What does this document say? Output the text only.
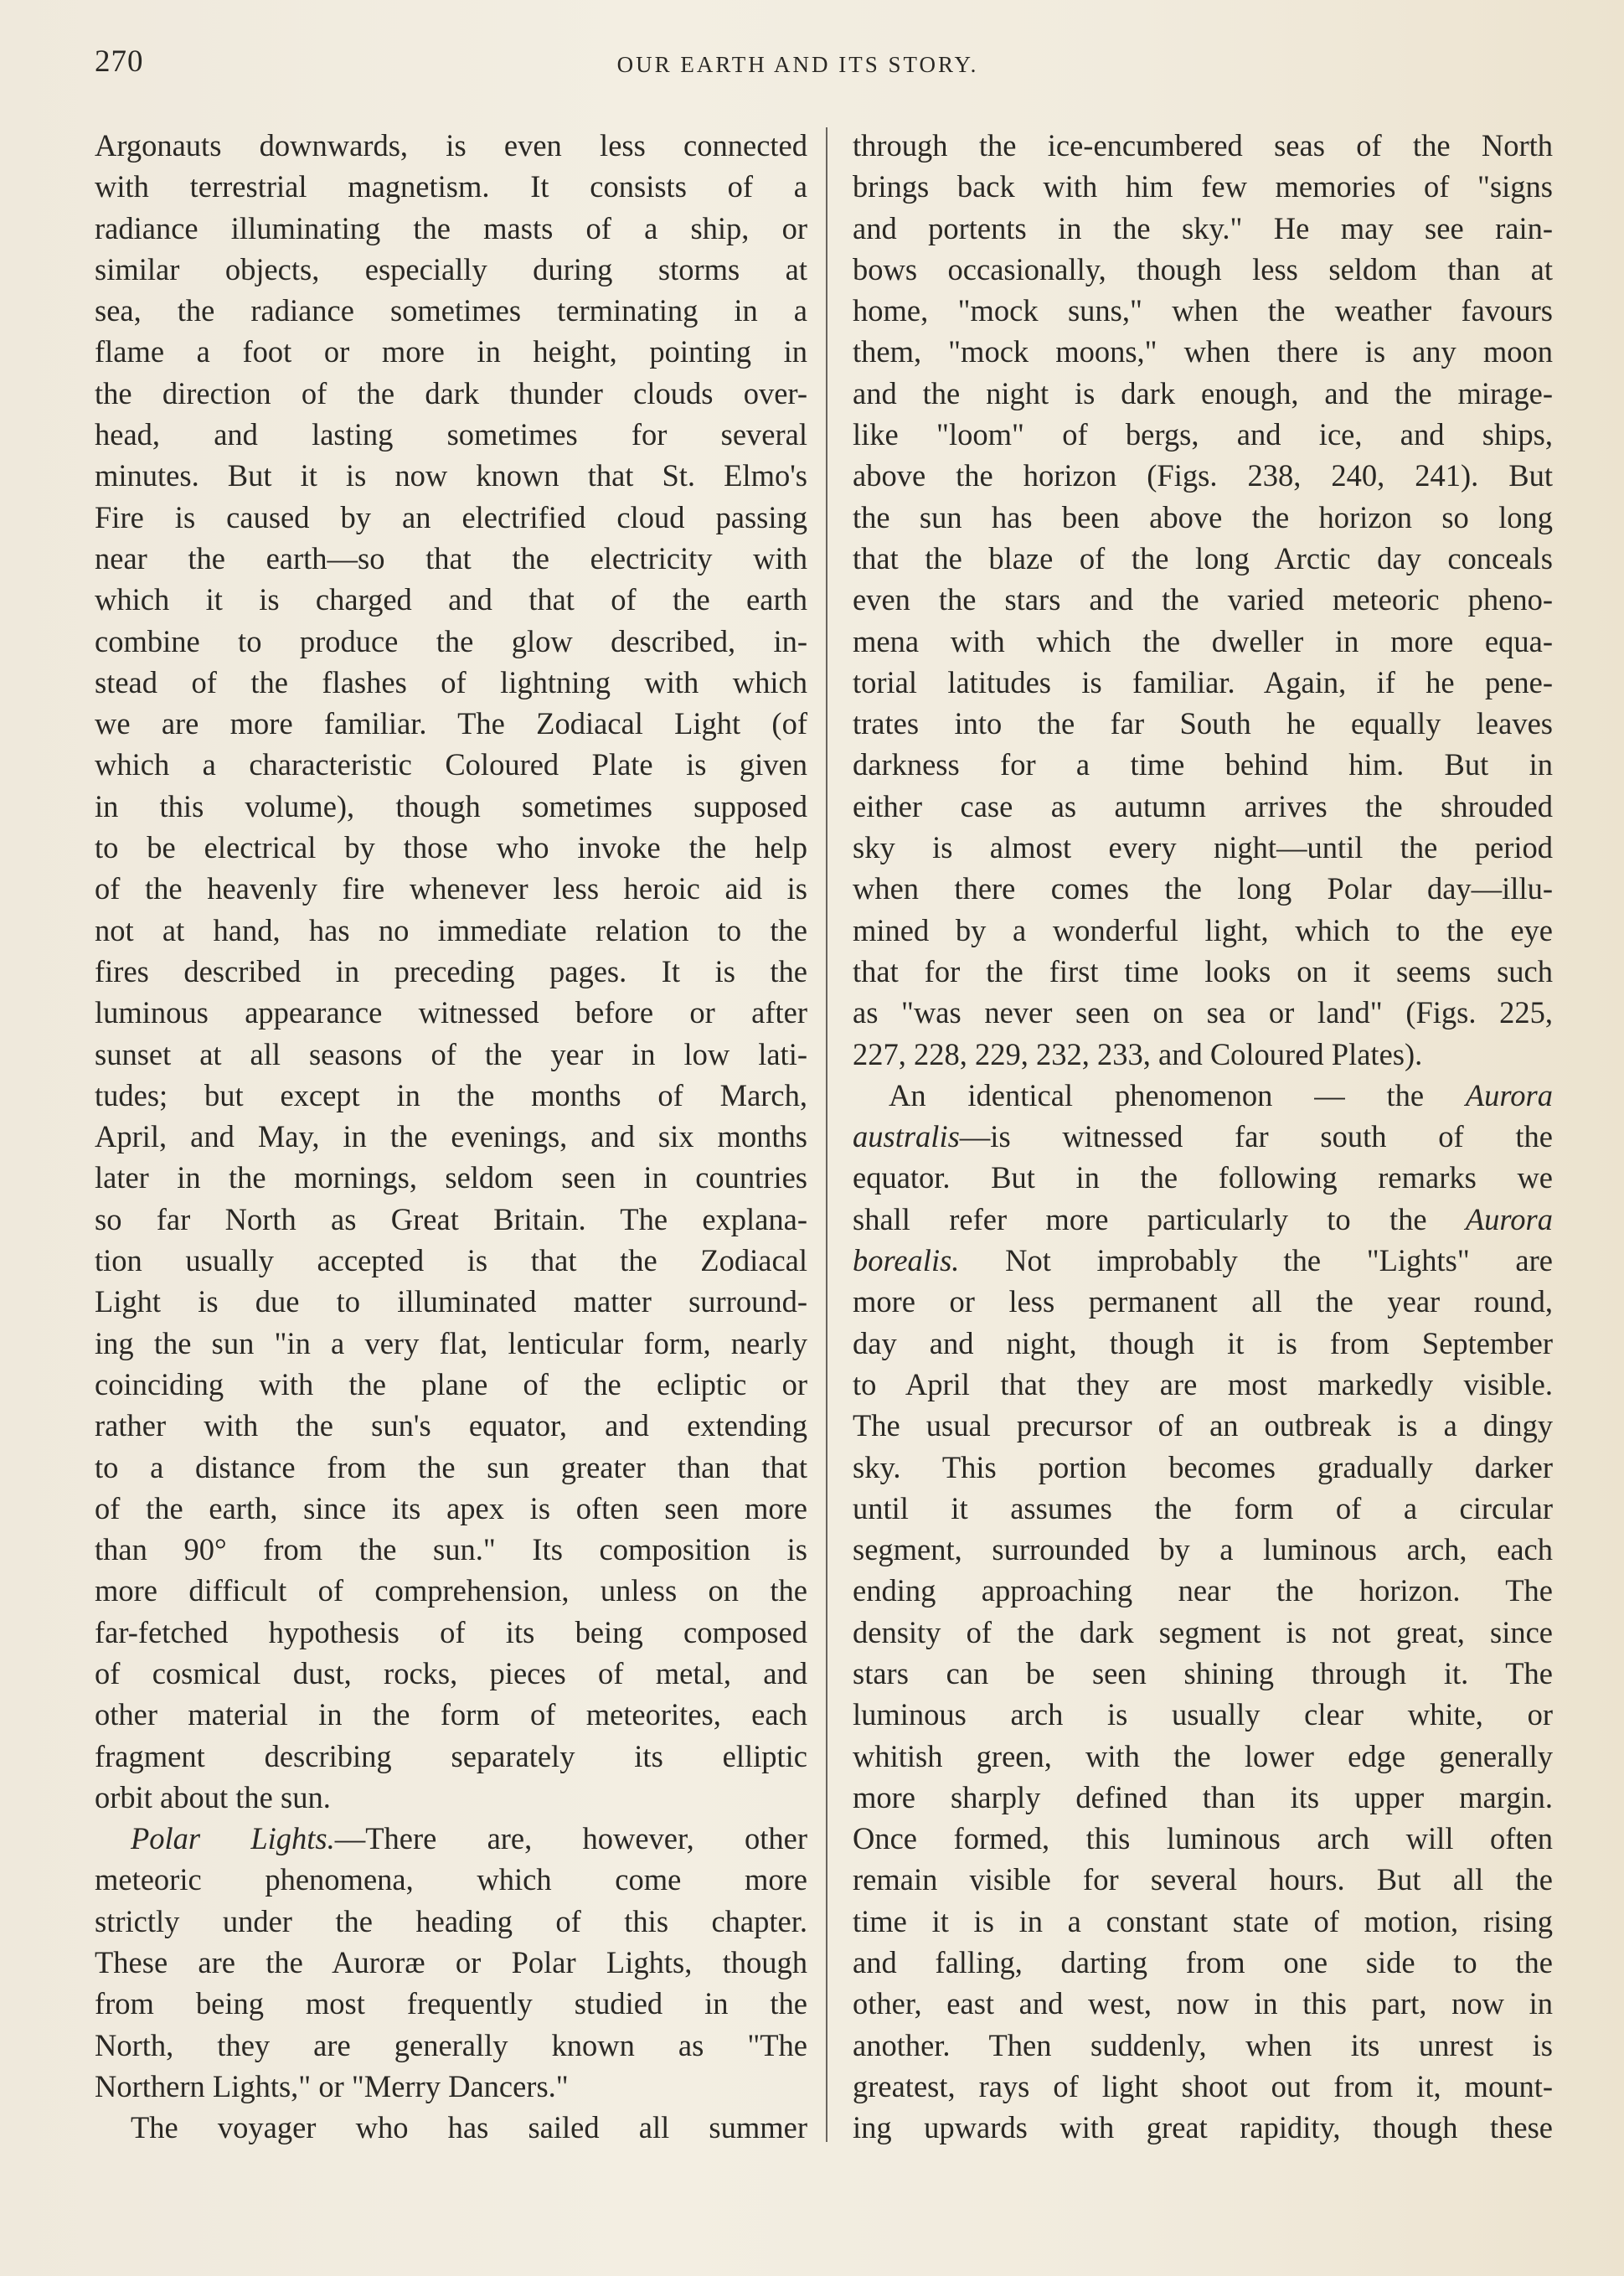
270	OUR EARTH AND ITS STORY.
Argonauts downwards, is even less connected
with terrestrial magnetism. It consists of a
radiance illuminating the masts of a ship, or
similar objects, especially during storms at
sea, the radiance sometimes terminating in a
flame a foot or more in height, pointing in
the direction of the dark thunder clouds over-
head, and lasting sometimes for several
minutes. But it is now known that St. Elmo's
Fire is caused by an electrified cloud passing
near the earth—so that the electricity with
which it is charged and that of the earth
combine to produce the glow described, in-
stead of the flashes of lightning with which
we are more familiar. The Zodiacal Light (of
which a characteristic Coloured Plate is given
in this volume), though sometimes supposed
to be electrical by those who invoke the help
of the heavenly fire whenever less heroic aid is
not at hand, has no immediate relation to the
fires described in preceding pages. It is the
luminous appearance witnessed before or after
sunset at all seasons of the year in low lati-
tudes; but except in the months of March,
April, and May, in the evenings, and six months
later in the mornings, seldom seen in countries
so far North as Great Britain. The explana-
tion usually accepted is that the Zodiacal
Light is due to illuminated matter surround-
ing the sun "in a very flat, lenticular form, nearly
coinciding with the plane of the ecliptic or
rather with the sun's equator, and extending
to a distance from the sun greater than that
of the earth, since its apex is often seen more
than 90° from the sun." Its composition is
more difficult of comprehension, unless on the
far-fetched hypothesis of its being composed
of cosmical dust, rocks, pieces of metal, and
other material in the form of meteorites, each
fragment describing separately its elliptic
orbit about the sun.
Polar Lights.—There are, however, other
meteoric phenomena, which come more
strictly under the heading of this chapter.
These are the Auroræ or Polar Lights, though
from being most frequently studied in the
North, they are generally known as "The
Northern Lights," or "Merry Dancers."
The voyager who has sailed all summer
through the ice-encumbered seas of the North
brings back with him few memories of "signs
and portents in the sky." He may see rain-
bows occasionally, though less seldom than at
home, "mock suns," when the weather favours
them, "mock moons," when there is any moon
and the night is dark enough, and the mirage-
like "loom" of bergs, and ice, and ships,
above the horizon (Figs. 238, 240, 241). But
the sun has been above the horizon so long
that the blaze of the long Arctic day conceals
even the stars and the varied meteoric pheno-
mena with which the dweller in more equa-
torial latitudes is familiar. Again, if he pene-
trates into the far South he equally leaves
darkness for a time behind him. But in
either case as autumn arrives the shrouded
sky is almost every night—until the period
when there comes the long Polar day—illu-
mined by a wonderful light, which to the eye
that for the first time looks on it seems such
as "was never seen on sea or land" (Figs. 225,
227, 228, 229, 232, 233, and Coloured Plates).
An identical phenomenon — the Aurora
australis—is witnessed far south of the
equator. But in the following remarks we
shall refer more particularly to the Aurora
borealis. Not improbably the "Lights" are
more or less permanent all the year round,
day and night, though it is from September
to April that they are most markedly visible.
The usual precursor of an outbreak is a dingy
sky. This portion becomes gradually darker
until it assumes the form of a circular
segment, surrounded by a luminous arch, each
ending approaching near the horizon. The
density of the dark segment is not great, since
stars can be seen shining through it. The
luminous arch is usually clear white, or
whitish green, with the lower edge generally
more sharply defined than its upper margin.
Once formed, this luminous arch will often
remain visible for several hours. But all the
time it is in a constant state of motion, rising
and falling, darting from one side to the
other, east and west, now in this part, now in
another. Then suddenly, when its unrest is
greatest, rays of light shoot out from it, mount-
ing upwards with great rapidity, though these
